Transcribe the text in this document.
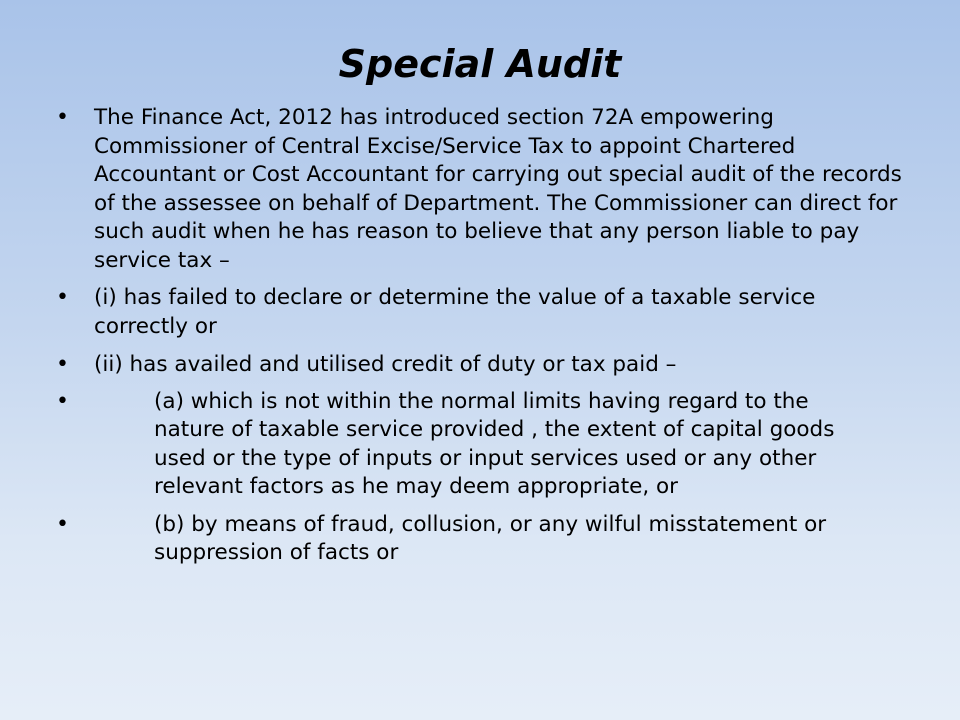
Special Audit
• The Finance Act, 2012 has introduced section 72A empowering Commissioner of Central Excise/Service Tax to appoint Chartered Accountant or Cost Accountant for carrying out special audit of the records of the assessee on behalf of Department. The Commissioner can direct for such audit when he has reason to believe that any person liable to pay service tax –
• (i) has failed to declare or determine the value of a taxable service correctly or
• (ii) has availed and utilised credit of duty or tax paid –
•	(a) which is not within the normal limits having regard to the nature of taxable service provided , the extent of capital goods used or the type of inputs or input services used or any other relevant factors as he may deem appropriate, or
•	(b) by means of fraud, collusion, or any wilful misstatement or suppression of facts or
